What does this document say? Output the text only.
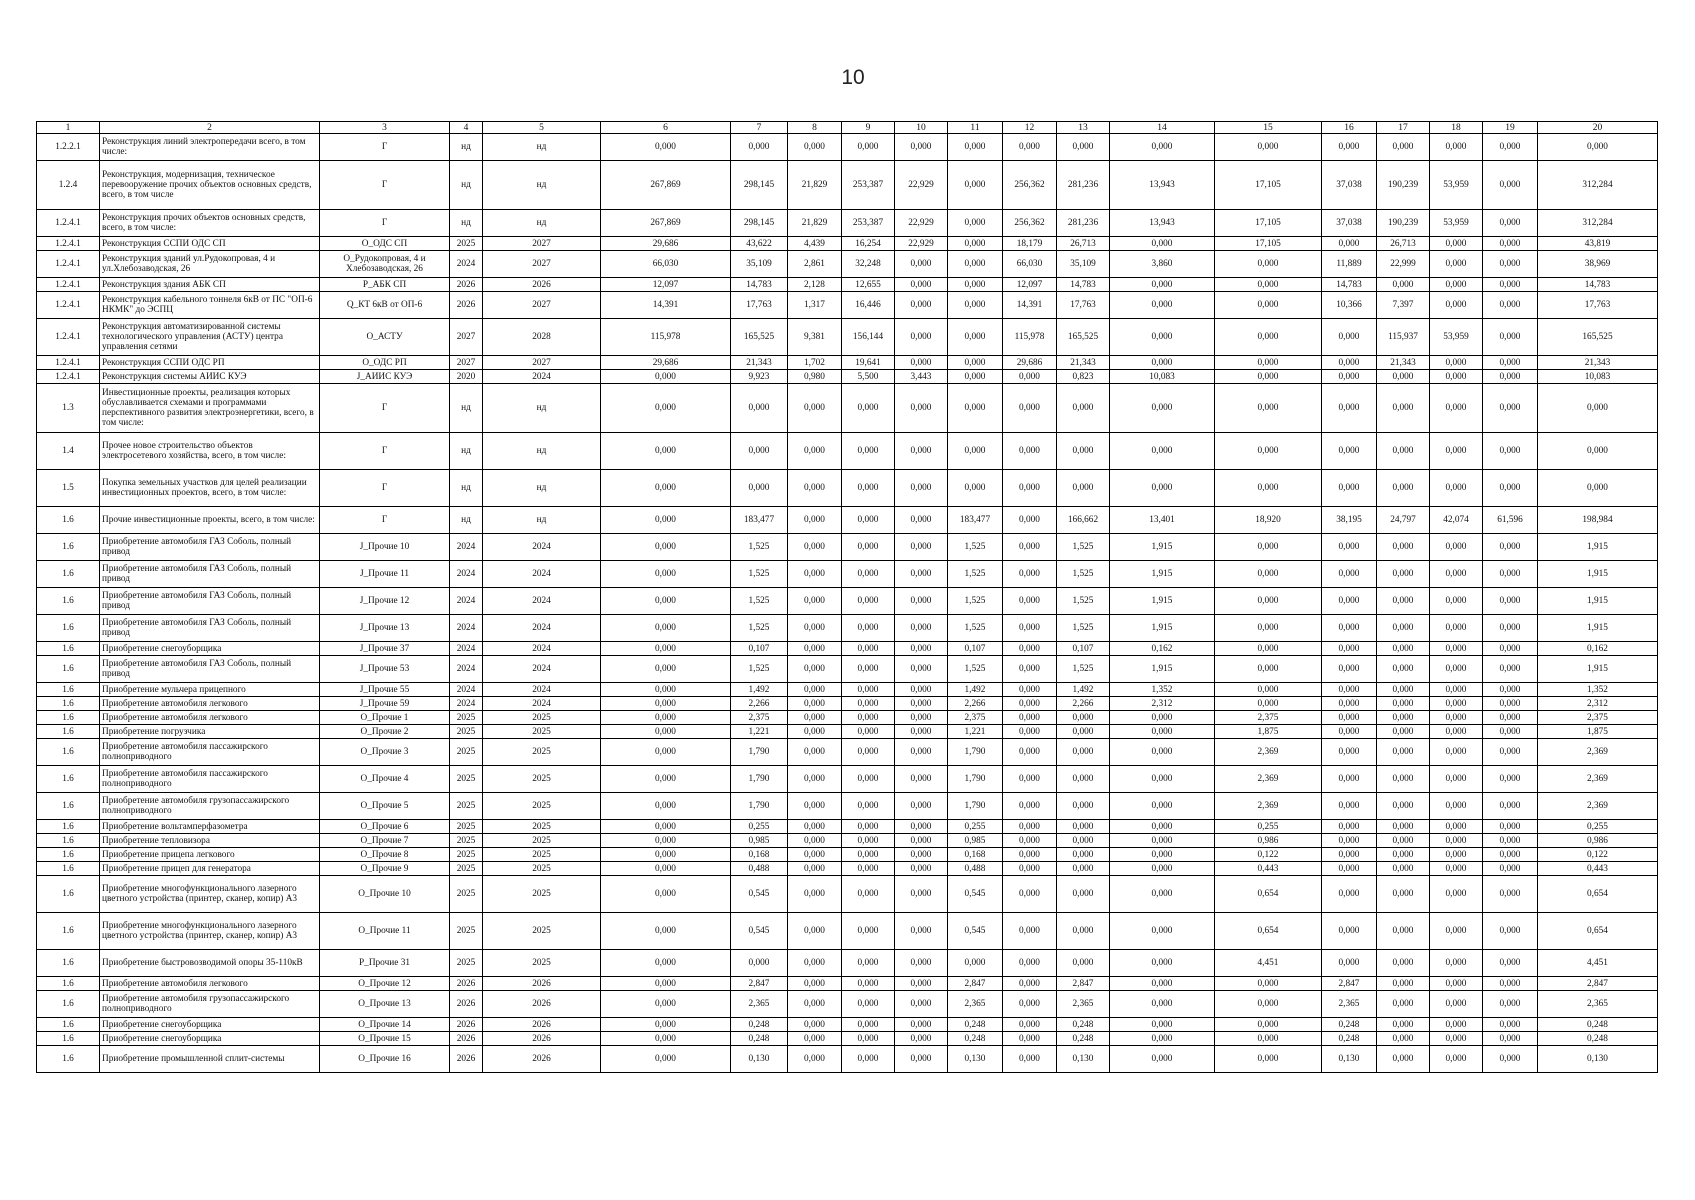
10
1	2	3	4	5	6	7	8	9	10	11	12	13	14	15	16	17	18	19	20
1.2.2.1	Реконструкция линий электропередачи всего, в том числе:	Г	нд	нд	0,000	0,000	0,000	0,000	0,000	0,000	0,000	0,000	0,000	0,000	0,000	0,000	0,000	0,000	0,000
1.2.4	Реконструкция, модернизация, техническое перевооружение прочих объектов основных средств, всего, в том числе	Г	нд	нд	267,869	298,145	21,829	253,387	22,929	0,000	256,362	281,236	13,943	17,105	37,038	190,239	53,959	0,000	312,284
1.2.4.1	Реконструкция прочих объектов основных средств, всего, в том числе:	Г	нд	нд	267,869	298,145	21,829	253,387	22,929	0,000	256,362	281,236	13,943	17,105	37,038	190,239	53,959	0,000	312,284
1.2.4.1	Реконструкция ССПИ ОДС СП	О_ОДС СП	2025	2027	29,686	43,622	4,439	16,254	22,929	0,000	18,179	26,713	0,000	17,105	0,000	26,713	0,000	0,000	43,819
1.2.4.1	Реконструкция зданий ул.Рудокопровая, 4 и ул.Хлебозаводская, 26	О_Рудокопровая, 4 и Хлебозаводская, 26	2024	2027	66,030	35,109	2,861	32,248	0,000	0,000	66,030	35,109	3,860	0,000	11,889	22,999	0,000	0,000	38,969
1.2.4.1	Реконструкция здания АБК СП	Р_АБК СП	2026	2026	12,097	14,783	2,128	12,655	0,000	0,000	12,097	14,783	0,000	0,000	14,783	0,000	0,000	0,000	14,783
1.2.4.1	Реконструкция кабельного тоннеля 6кВ от ПС "ОП-6 НКМК" до ЭСПЦ	Q_КТ 6кВ от ОП-6	2026	2027	14,391	17,763	1,317	16,446	0,000	0,000	14,391	17,763	0,000	0,000	10,366	7,397	0,000	0,000	17,763
1.2.4.1	Реконструкция автоматизированной системы технологического управления (АСТУ) центра управления сетями	О_АСТУ	2027	2028	115,978	165,525	9,381	156,144	0,000	0,000	115,978	165,525	0,000	0,000	0,000	115,937	53,959	0,000	165,525
1.2.4.1	Реконструкция ССПИ ОДС РП	О_ОДС РП	2027	2027	29,686	21,343	1,702	19,641	0,000	0,000	29,686	21,343	0,000	0,000	0,000	21,343	0,000	0,000	21,343
1.2.4.1	Реконструкция системы АИИС КУЭ	J_АИИС КУЭ	2020	2024	0,000	9,923	0,980	5,500	3,443	0,000	0,000	0,823	10,083	0,000	0,000	0,000	0,000	0,000	10,083
1.3	Инвестиционные проекты, реализация которых обуславливается схемами и программами перспективного развития электроэнергетики, всего, в том числе:	Г	нд	нд	0,000	0,000	0,000	0,000	0,000	0,000	0,000	0,000	0,000	0,000	0,000	0,000	0,000	0,000	0,000
1.4	Прочее новое строительство объектов электросетевого хозяйства, всего, в том числе:	Г	нд	нд	0,000	0,000	0,000	0,000	0,000	0,000	0,000	0,000	0,000	0,000	0,000	0,000	0,000	0,000	0,000
1.5	Покупка земельных участков для целей реализации инвестиционных проектов, всего, в том числе:	Г	нд	нд	0,000	0,000	0,000	0,000	0,000	0,000	0,000	0,000	0,000	0,000	0,000	0,000	0,000	0,000	0,000
1.6	Прочие инвестиционные проекты, всего, в том числе:	Г	нд	нд	0,000	183,477	0,000	0,000	0,000	183,477	0,000	166,662	13,401	18,920	38,195	24,797	42,074	61,596	198,984
1.6	Приобретение автомобиля ГАЗ Соболь, полный привод	J_Прочие 10	2024	2024	0,000	1,525	0,000	0,000	0,000	1,525	0,000	1,525	1,915	0,000	0,000	0,000	0,000	0,000	1,915
1.6	Приобретение автомобиля ГАЗ Соболь, полный привод	J_Прочие 11	2024	2024	0,000	1,525	0,000	0,000	0,000	1,525	0,000	1,525	1,915	0,000	0,000	0,000	0,000	0,000	1,915
1.6	Приобретение автомобиля ГАЗ Соболь, полный привод	J_Прочие 12	2024	2024	0,000	1,525	0,000	0,000	0,000	1,525	0,000	1,525	1,915	0,000	0,000	0,000	0,000	0,000	1,915
1.6	Приобретение автомобиля ГАЗ Соболь, полный привод	J_Прочие 13	2024	2024	0,000	1,525	0,000	0,000	0,000	1,525	0,000	1,525	1,915	0,000	0,000	0,000	0,000	0,000	1,915
1.6	Приобретение снегоуборщика	J_Прочие 37	2024	2024	0,000	0,107	0,000	0,000	0,000	0,107	0,000	0,107	0,162	0,000	0,000	0,000	0,000	0,000	0,162
1.6	Приобретение автомобиля ГАЗ Соболь, полный привод	J_Прочие 53	2024	2024	0,000	1,525	0,000	0,000	0,000	1,525	0,000	1,525	1,915	0,000	0,000	0,000	0,000	0,000	1,915
1.6	Приобретение мульчера прицепного	J_Прочие 55	2024	2024	0,000	1,492	0,000	0,000	0,000	1,492	0,000	1,492	1,352	0,000	0,000	0,000	0,000	0,000	1,352
1.6	Приобретение автомобиля легкового	J_Прочие 59	2024	2024	0,000	2,266	0,000	0,000	0,000	2,266	0,000	2,266	2,312	0,000	0,000	0,000	0,000	0,000	2,312
1.6	Приобретение автомобиля легкового	О_Прочие 1	2025	2025	0,000	2,375	0,000	0,000	0,000	2,375	0,000	0,000	0,000	2,375	0,000	0,000	0,000	0,000	2,375
1.6	Приобретение погрузчика	О_Прочие 2	2025	2025	0,000	1,221	0,000	0,000	0,000	1,221	0,000	0,000	0,000	1,875	0,000	0,000	0,000	0,000	1,875
1.6	Приобретение автомобиля пассажирского полноприводного	О_Прочие 3	2025	2025	0,000	1,790	0,000	0,000	0,000	1,790	0,000	0,000	0,000	2,369	0,000	0,000	0,000	0,000	2,369
1.6	Приобретение автомобиля пассажирского полноприводного	О_Прочие 4	2025	2025	0,000	1,790	0,000	0,000	0,000	1,790	0,000	0,000	0,000	2,369	0,000	0,000	0,000	0,000	2,369
1.6	Приобретение автомобиля грузопассажирского полноприводного	О_Прочие 5	2025	2025	0,000	1,790	0,000	0,000	0,000	1,790	0,000	0,000	0,000	2,369	0,000	0,000	0,000	0,000	2,369
1.6	Приобретение вольтамперфазометра	О_Прочие 6	2025	2025	0,000	0,255	0,000	0,000	0,000	0,255	0,000	0,000	0,000	0,255	0,000	0,000	0,000	0,000	0,255
1.6	Приобретение тепловизора	О_Прочие 7	2025	2025	0,000	0,985	0,000	0,000	0,000	0,985	0,000	0,000	0,000	0,986	0,000	0,000	0,000	0,000	0,986
1.6	Приобретение прицепа легкового	О_Прочие 8	2025	2025	0,000	0,168	0,000	0,000	0,000	0,168	0,000	0,000	0,000	0,122	0,000	0,000	0,000	0,000	0,122
1.6	Приобретение прицеп для генератора	О_Прочие 9	2025	2025	0,000	0,488	0,000	0,000	0,000	0,488	0,000	0,000	0,000	0,443	0,000	0,000	0,000	0,000	0,443
1.6	Приобретение многофункционального лазерного цветного устройства (принтер, сканер, копир) А3	О_Прочие 10	2025	2025	0,000	0,545	0,000	0,000	0,000	0,545	0,000	0,000	0,000	0,654	0,000	0,000	0,000	0,000	0,654
1.6	Приобретение многофункционального лазерного цветного устройства (принтер, сканер, копир) А3	О_Прочие 11	2025	2025	0,000	0,545	0,000	0,000	0,000	0,545	0,000	0,000	0,000	0,654	0,000	0,000	0,000	0,000	0,654
1.6	Приобретение быстровозводимой опоры 35-110кВ	Р_Прочие 31	2025	2025	0,000	0,000	0,000	0,000	0,000	0,000	0,000	0,000	0,000	4,451	0,000	0,000	0,000	0,000	4,451
1.6	Приобретение автомобиля легкового	О_Прочие 12	2026	2026	0,000	2,847	0,000	0,000	0,000	2,847	0,000	2,847	0,000	0,000	2,847	0,000	0,000	0,000	2,847
1.6	Приобретение автомобиля грузопассажирского полноприводного	О_Прочие 13	2026	2026	0,000	2,365	0,000	0,000	0,000	2,365	0,000	2,365	0,000	0,000	2,365	0,000	0,000	0,000	2,365
1.6	Приобретение снегоуборщика	О_Прочие 14	2026	2026	0,000	0,248	0,000	0,000	0,000	0,248	0,000	0,248	0,000	0,000	0,248	0,000	0,000	0,000	0,248
1.6	Приобретение снегоуборщика	О_Прочие 15	2026	2026	0,000	0,248	0,000	0,000	0,000	0,248	0,000	0,248	0,000	0,000	0,248	0,000	0,000	0,000	0,248
1.6	Приобретение промышленной сплит-системы	О_Прочие 16	2026	2026	0,000	0,130	0,000	0,000	0,000	0,130	0,000	0,130	0,000	0,000	0,130	0,000	0,000	0,000	0,130
